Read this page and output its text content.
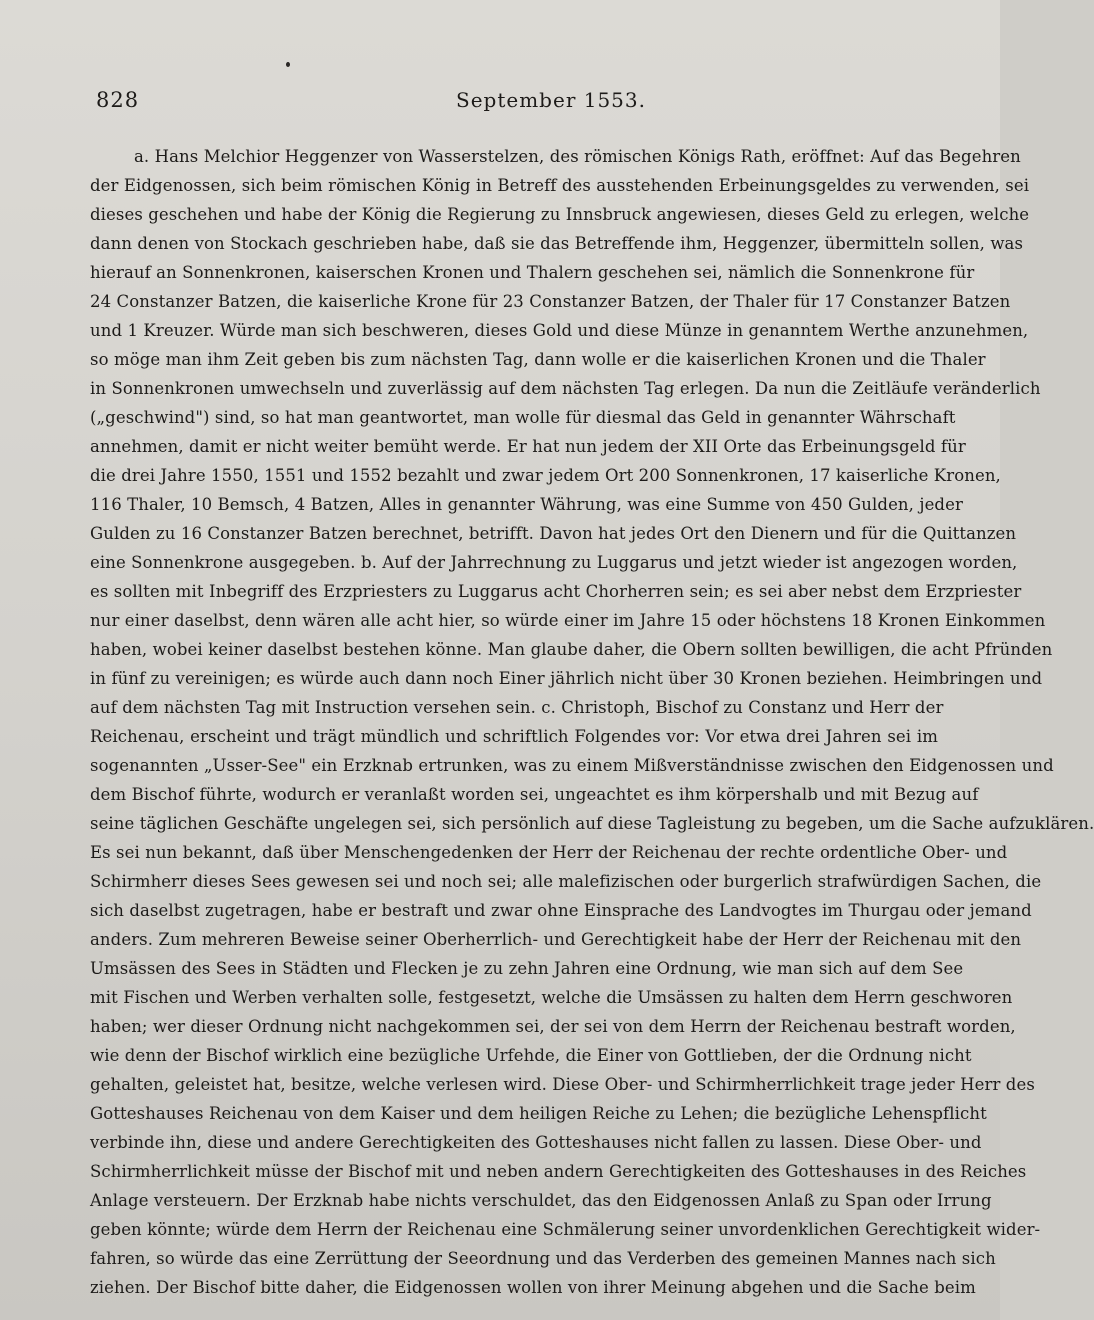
828	September 1553.
a. Hans Melchior Heggenzer von Wasserstelzen, des römischen Königs Rath, eröffnet: Auf das Begehren
der Eidgenossen, sich beim römischen König in Betreff des ausstehenden Erbeinungsgeldes zu verwenden, sei
dieses geschehen und habe der König die Regierung zu Innsbruck angewiesen, dieses Geld zu erlegen, welche
dann denen von Stockach geschrieben habe, daß sie das Betreffende ihm, Heggenzer, übermitteln sollen, was
hierauf an Sonnenkronen, kaiserschen Kronen und Thalern geschehen sei, nämlich die Sonnenkrone für
24 Constanzer Batzen, die kaiserliche Krone für 23 Constanzer Batzen, der Thaler für 17 Constanzer Batzen
und 1 Kreuzer. Würde man sich beschweren, dieses Gold und diese Münze in genanntem Werthe anzunehmen,
so möge man ihm Zeit geben bis zum nächsten Tag, dann wolle er die kaiserlichen Kronen und die Thaler
in Sonnenkronen umwechseln und zuverlässig auf dem nächsten Tag erlegen. Da nun die Zeitläufe veränderlich
(„geschwind") sind, so hat man geantwortet, man wolle für diesmal das Geld in genannter Währschaft
annehmen, damit er nicht weiter bemüht werde. Er hat nun jedem der XII Orte das Erbeinungsgeld für
die drei Jahre 1550, 1551 und 1552 bezahlt und zwar jedem Ort 200 Sonnenkronen, 17 kaiserliche Kronen,
116 Thaler, 10 Bemsch, 4 Batzen, Alles in genannter Währung, was eine Summe von 450 Gulden, jeder
Gulden zu 16 Constanzer Batzen berechnet, betrifft. Davon hat jedes Ort den Dienern und für die Quittanzen
eine Sonnenkrone ausgegeben. b. Auf der Jahrrechnung zu Luggarus und jetzt wieder ist angezogen worden,
es sollten mit Inbegriff des Erzpriesters zu Luggarus acht Chorherren sein; es sei aber nebst dem Erzpriester
nur einer daselbst, denn wären alle acht hier, so würde einer im Jahre 15 oder höchstens 18 Kronen Einkommen
haben, wobei keiner daselbst bestehen könne. Man glaube daher, die Obern sollten bewilligen, die acht Pfründen
in fünf zu vereinigen; es würde auch dann noch Einer jährlich nicht über 30 Kronen beziehen. Heimbringen und
auf dem nächsten Tag mit Instruction versehen sein. c. Christoph, Bischof zu Constanz und Herr der
Reichenau, erscheint und trägt mündlich und schriftlich Folgendes vor: Vor etwa drei Jahren sei im
sogenannten „Usser-See" ein Erzknab ertrunken, was zu einem Mißverständnisse zwischen den Eidgenossen und
dem Bischof führte, wodurch er veranlaßt worden sei, ungeachtet es ihm körpershalb und mit Bezug auf
seine täglichen Geschäfte ungelegen sei, sich persönlich auf diese Tagleistung zu begeben, um die Sache aufzuklären.
Es sei nun bekannt, daß über Menschengedenken der Herr der Reichenau der rechte ordentliche Ober- und
Schirmherr dieses Sees gewesen sei und noch sei; alle malefizischen oder burgerlich strafwürdigen Sachen, die
sich daselbst zugetragen, habe er bestraft und zwar ohne Einsprache des Landvogtes im Thurgau oder jemand
anders. Zum mehreren Beweise seiner Oberherrlich- und Gerechtigkeit habe der Herr der Reichenau mit den
Umsässen des Sees in Städten und Flecken je zu zehn Jahren eine Ordnung, wie man sich auf dem See
mit Fischen und Werben verhalten solle, festgesetzt, welche die Umsässen zu halten dem Herrn geschworen
haben; wer dieser Ordnung nicht nachgekommen sei, der sei von dem Herrn der Reichenau bestraft worden,
wie denn der Bischof wirklich eine bezügliche Urfehde, die Einer von Gottlieben, der die Ordnung nicht
gehalten, geleistet hat, besitze, welche verlesen wird. Diese Ober- und Schirmherrlichkeit trage jeder Herr des
Gotteshauses Reichenau von dem Kaiser und dem heiligen Reiche zu Lehen; die bezügliche Lehenspflicht
verbinde ihn, diese und andere Gerechtigkeiten des Gotteshauses nicht fallen zu lassen. Diese Ober- und
Schirmherrlichkeit müsse der Bischof mit und neben andern Gerechtigkeiten des Gotteshauses in des Reiches
Anlage versteuern. Der Erzknab habe nichts verschuldet, das den Eidgenossen Anlaß zu Span oder Irrung
geben könnte; würde dem Herrn der Reichenau eine Schmälerung seiner unvordenklichen Gerechtigkeit wider-
fahren, so würde das eine Zerrüttung der Seeordnung und das Verderben des gemeinen Mannes nach sich
ziehen. Der Bischof bitte daher, die Eidgenossen wollen von ihrer Meinung abgehen und die Sache beim
